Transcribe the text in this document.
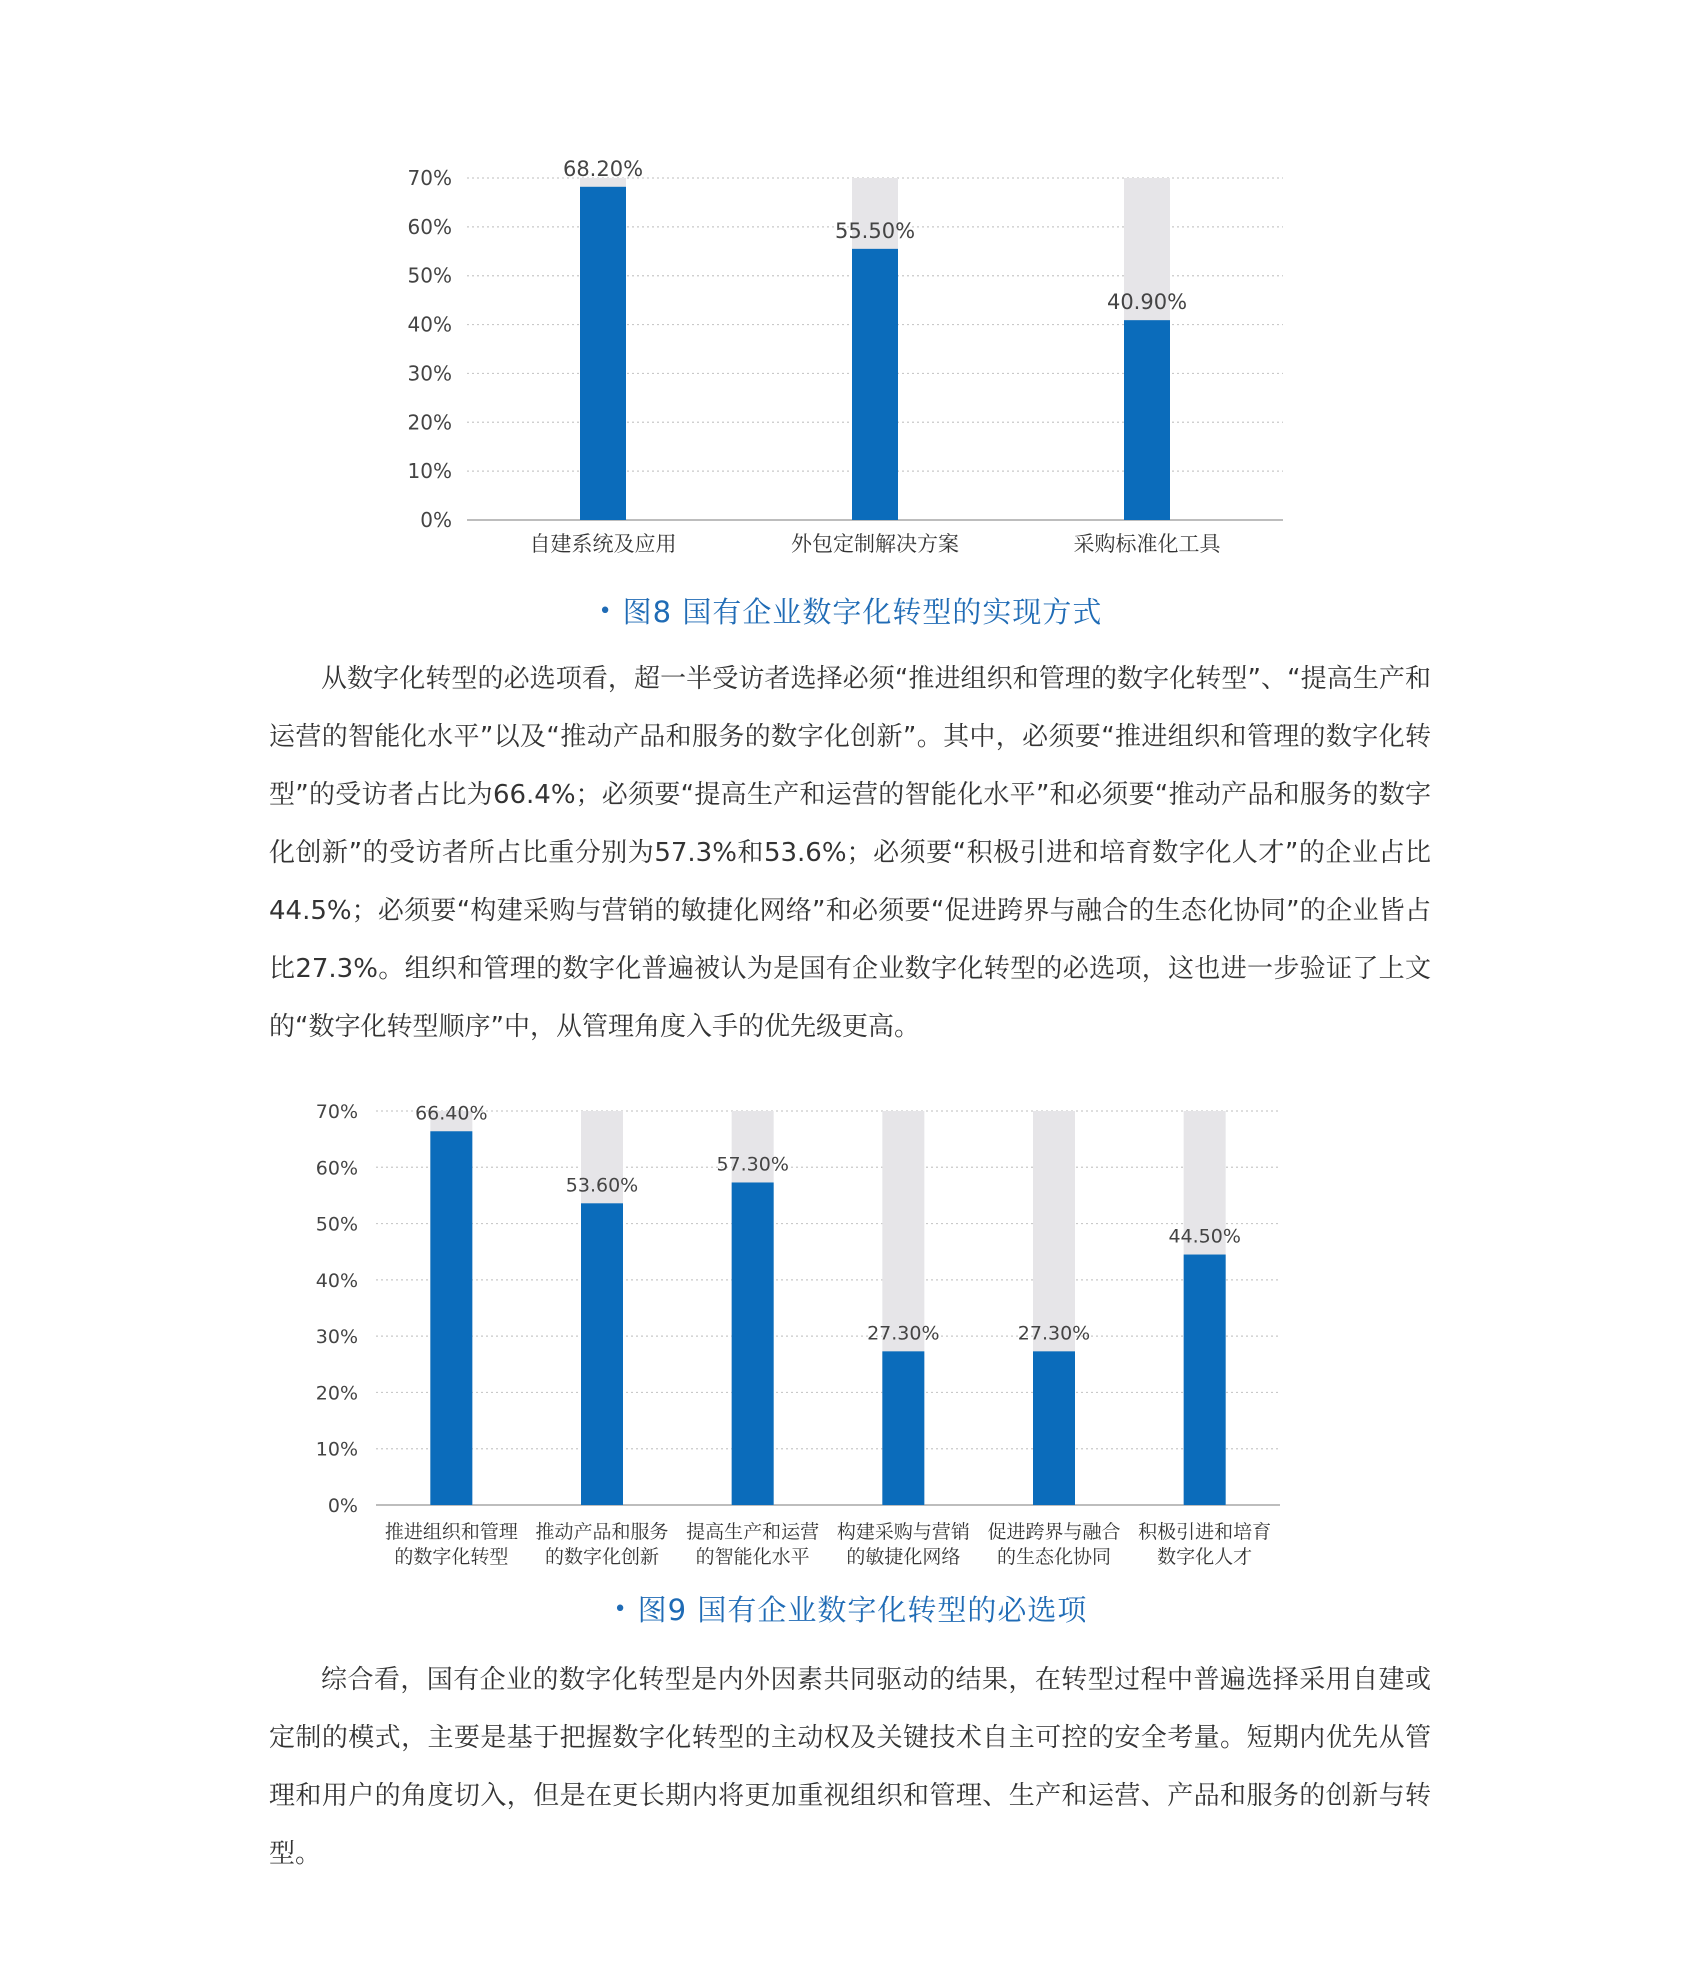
0%
10%
20%
30%
40%
50%
60%
70%	68.20%
自建系统及应用
55.50%
外包定制解决方案
40.90%
采购标准化工具
• 图8 国有企业数字化转型的实现方式

从数字化转型的必选项看，超一半受访者选择必须“推进组织和管理的数字化转型”、“提高生产和运营的智能化水平”以及“推动产品和服务的数字化创新”。其中，必须要“推进组织和管理的数字化转型”的受访者占比为66.4%；必须要“提高生产和运营的智能化水平”和必须要“推动产品和服务的数字化创新”的受访者所占比重分别为57.3%和53.6%；必须要“积极引进和培育数字化人才”的企业占比44.5%；必须要“构建采购与营销的敏捷化网络”和必须要“促进跨界与融合的生态化协同”的企业皆占比27.3%。组织和管理的数字化普遍被认为是国有企业数字化转型的必选项，这也进一步验证了上文的“数字化转型顺序”中，从管理角度入手的优先级更高。

0%
10%
20%
30%
40%
50%
60%
70%	66.40%
推进组织和管理
的数字化转型
53.60%
推动产品和服务
的数字化创新
57.30%
提高生产和运营
的智能化水平
27.30%
构建采购与营销
的敏捷化网络
27.30%
促进跨界与融合
的生态化协同
44.50%
积极引进和培育
数字化人才
• 图9 国有企业数字化转型的必选项

综合看，国有企业的数字化转型是内外因素共同驱动的结果，在转型过程中普遍选择采用自建或定制的模式，主要是基于把握数字化转型的主动权及关键技术自主可控的安全考量。短期内优先从管理和用户的角度切入，但是在更长期内将更加重视组织和管理、生产和运营、产品和服务的创新与转型。
